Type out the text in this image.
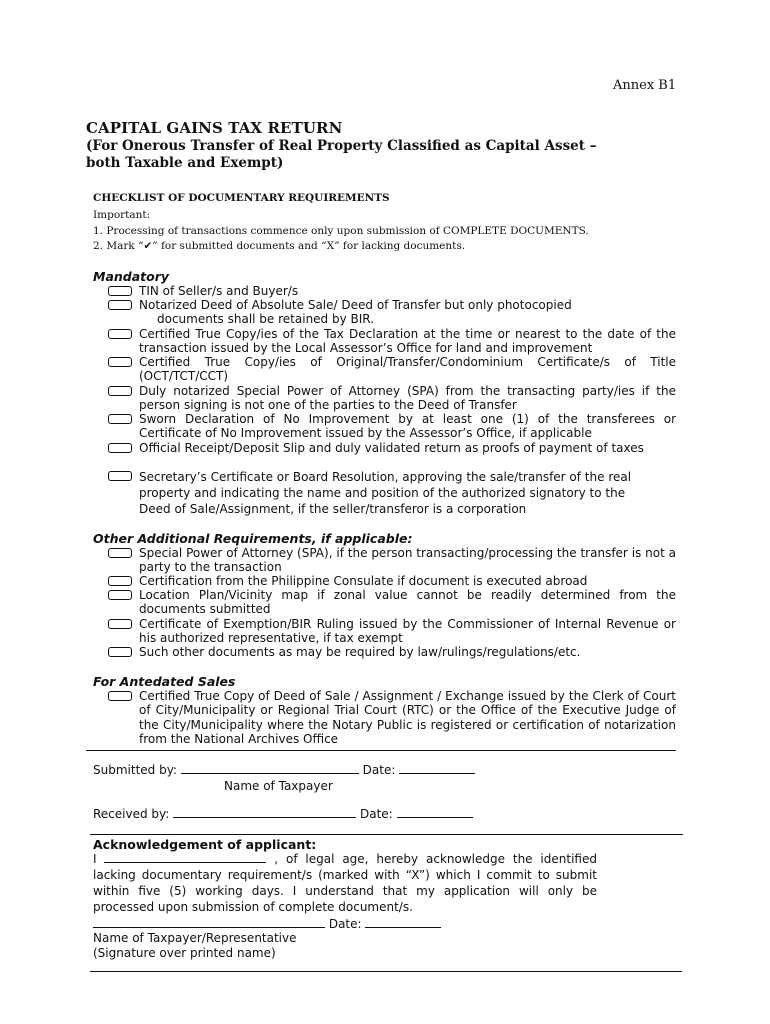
Annex B1
CAPITAL GAINS TAX RETURN
(For Onerous Transfer of Real Property Classified as Capital Asset – both Taxable and Exempt)
CHECKLIST OF DOCUMENTARY REQUIREMENTS
Important:
1. Processing of transactions commence only upon submission of COMPLETE DOCUMENTS.
2. Mark “✔” for submitted documents and “X” for lacking documents.
Mandatory
TIN of Seller/s and Buyer/s
Notarized Deed of Absolute Sale/ Deed of Transfer but only photocopied
documents shall be retained by BIR.
Certified True Copy/ies of the Tax Declaration at the time or nearest to the date of the transaction issued by the Local Assessor’s Office for land and improvement
Certified True Copy/ies of Original/Transfer/Condominium Certificate/s of Title (OCT/TCT/CCT)
Duly notarized Special Power of Attorney (SPA) from the transacting party/ies if the person signing is not one of the parties to the Deed of Transfer
Sworn Declaration of No Improvement by at least one (1) of the transferees or Certificate of No Improvement issued by the Assessor’s Office, if applicable
Official Receipt/Deposit Slip and duly validated return as proofs of payment of taxes
Secretary’s Certificate or Board Resolution, approving the sale/transfer of the real
property and indicating the name and position of the authorized signatory to the
Deed of Sale/Assignment, if the seller/transferor is a corporation
Other Additional Requirements, if applicable:
Special Power of Attorney (SPA), if the person transacting/processing the transfer is not a party to the transaction
Certification from the Philippine Consulate if document is executed abroad
Location Plan/Vicinity map if zonal value cannot be readily determined from the documents submitted
Certificate of Exemption/BIR Ruling issued by the Commissioner of Internal Revenue or his authorized representative, if tax exempt
Such other documents as may be required by law/rulings/regulations/etc.
For Antedated Sales
Certified True Copy of Deed of Sale / Assignment / Exchange issued by the Clerk of Court of City/Municipality or Regional Trial Court (RTC) or the Office of the Executive Judge of the City/Municipality where the Notary Public is registered or certification of notarization from the National Archives Office
Submitted by:	Date:
Name of Taxpayer
Received by:	Date:
Acknowledgement of applicant:
I	, of legal age, hereby acknowledge the identified lacking documentary requirement/s (marked with “X”) which I commit to submit within five (5) working days. I understand that my application will only be processed upon submission of complete document/s.
Date:
Name of Taxpayer/Representative
(Signature over printed name)
